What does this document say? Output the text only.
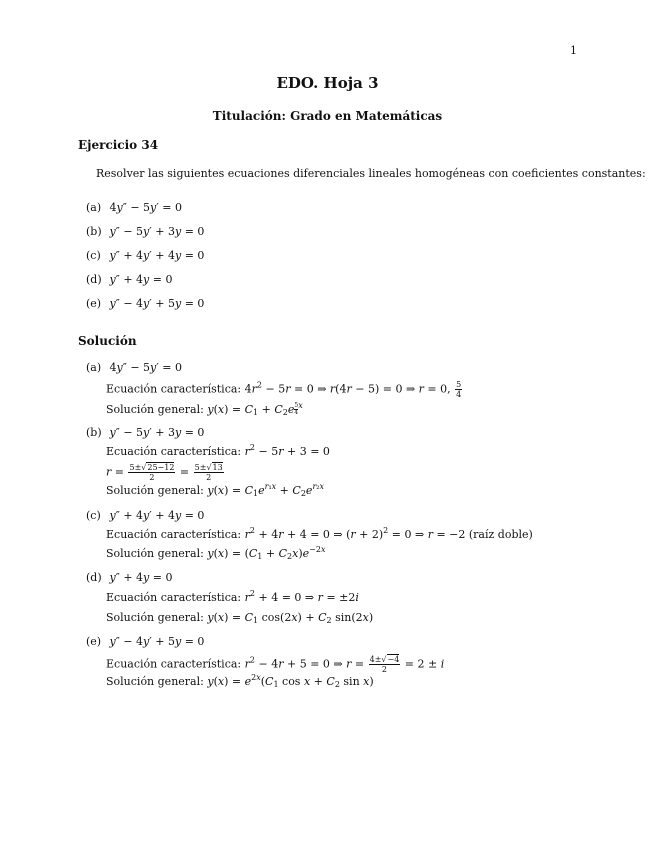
1
EDO. Hoja 3
Titulación: Grado en Matemáticas
Ejercicio 34
Resolver las siguientes ecuaciones diferenciales lineales homogéneas con coeficientes constantes:
(a) 4y″ − 5y′ = 0
(b) y″ − 5y′ + 3y = 0
(c) y″ + 4y′ + 4y = 0
(d) y″ + 4y = 0
(e) y″ − 4y′ + 5y = 0
Solución
(a) 4y″ − 5y′ = 0
Ecuación característica: $4r^2 - 5r = 0$ ⇒ r(4r − 5) = 0 ⇒ r = 0, $\frac{5}{4}$
Solución general: $y(x) = C_1 + C_2e \frac{5}{4} ^x$
(b) y″ − 5y′ + 3y = 0
Ecuación característica: $r^2 - 5r + 3 = 0$
$r = \frac{5\pm√25-12}{2} = \frac{5\pm√13}{2}$
Solución general: $y(x) = C_1e^{r_1x} + C_2e^{r_2x}$
(c) y″ + 4y′ + 4y = 0
Ecuación característica: $r^2 + 4r + 4 = 0$ ⇒ $(r + 2)^2 = 0$ ⇒ r = −2 (raíz doble)
Solución general: $y(x) = (C_1 + C_2x)e^{-2x}$
(d) y″ + 4y = 0
Ecuación característica: $r^2 + 4 = 0$ ⇒ r = ±2i
Solución general: $y(x) = C_1$ $\cos(2x) + C_2$ sin(2x)
(e) y″ − 4y′ + 5y = 0
Ecuación característica: $r^2 - 4r + 5 = 0$ ⇒ $r = \frac{4\pm√-4}{2} = 2 \pm i$
Solución general: $y(x) = e^{2x}(C_1$ $\cos x + C_2$ sin x)
